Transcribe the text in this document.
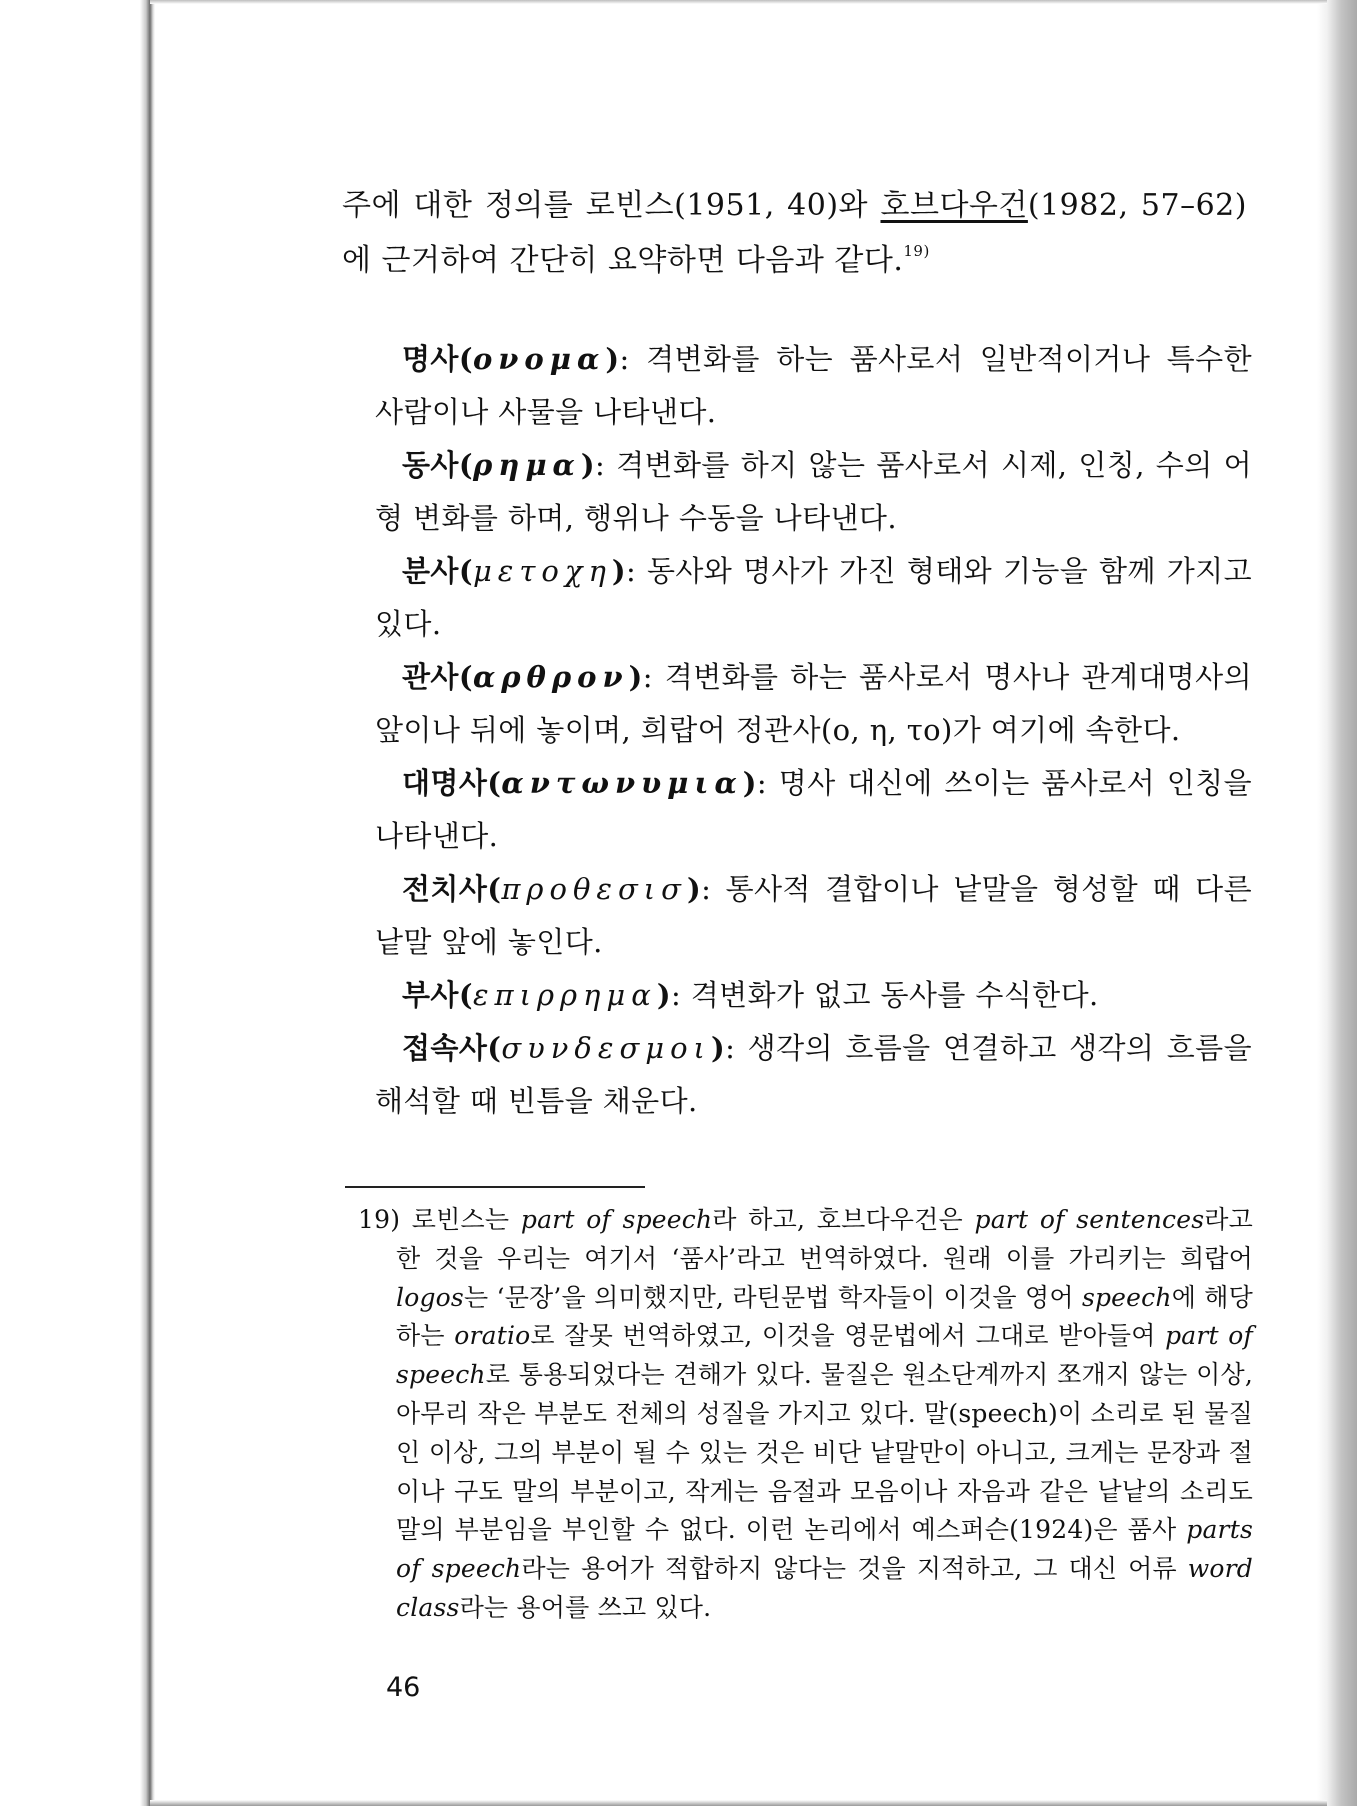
주에 대한 정의를 로빈스(1951, 40)와 호브다우건(1982, 57–62)에 근거하여 간단히 요약하면 다음과 같다.$^{19)}$

명사(ονομα): 격변화를 하는 품사로서 일반적이거나 특수한 사람이나 사물을 나타낸다.

동사(ρημα): 격변화를 하지 않는 품사로서 시제, 인칭, 수의 어형 변화를 하며, 행위나 수동을 나타낸다.

분사(μετοχη): 동사와 명사가 가진 형태와 기능을 함께 가지고 있다.

관사(αρθρον): 격변화를 하는 품사로서 명사나 관계대명사의 앞이나 뒤에 놓이며, 희랍어 정관사(ο, η, το)가 여기에 속한다.

대명사(αντωνυμια): 명사 대신에 쓰이는 품사로서 인칭을 나타낸다.

전치사(προθεσισ): 통사적 결합이나 낱말을 형성할 때 다른 낱말 앞에 놓인다.

부사(επιρρημα): 격변화가 없고 동사를 수식한다.

접속사(συνδεσμοι): 생각의 흐름을 연결하고 생각의 흐름을 해석할 때 빈틈을 채운다.

19) 로빈스는 part of speech라 하고, 호브다우건은 part of sentences라고 한 것을 우리는 여기서 ‘품사’라고 번역하였다. 원래 이를 가리키는 희랍어 logos는 ‘문장’을 의미했지만, 라틴문법 학자들이 이것을 영어 speech에 해당하는 oratio로 잘못 번역하였고, 이것을 영문법에서 그대로 받아들여 part of speech로 통용되었다는 견해가 있다. 물질은 원소단계까지 쪼개지 않는 이상, 아무리 작은 부분도 전체의 성질을 가지고 있다. 말(speech)이 소리로 된 물질인 이상, 그의 부분이 될 수 있는 것은 비단 낱말만이 아니고, 크게는 문장과 절이나 구도 말의 부분이고, 작게는 음절과 모음이나 자음과 같은 낱낱의 소리도 말의 부분임을 부인할 수 없다. 이런 논리에서 예스퍼슨(1924)은 품사 parts of speech라는 용어가 적합하지 않다는 것을 지적하고, 그 대신 어류 word class라는 용어를 쓰고 있다.
46
